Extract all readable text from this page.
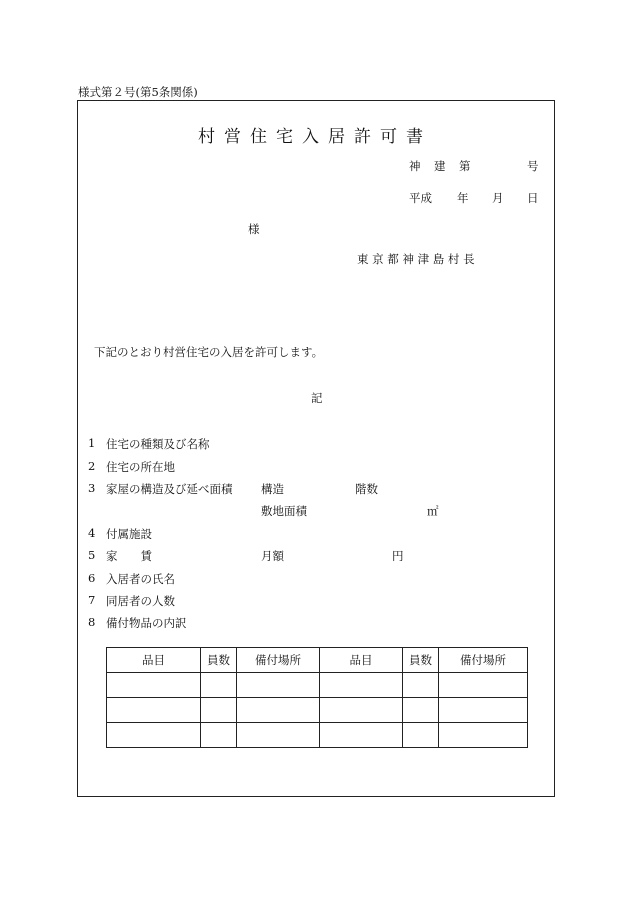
様式第２号(第5条関係)
村営住宅入居許可書
神　建　第	号
平成 年 月 日
様
東 京 都 神 津 島 村 長
下記のとおり村営住宅の入居を許可します。
記
1 住宅の種類及び名称
2 住宅の所在地
3 家屋の構造及び延べ面積 構造	階数
敷地面積	㎡
4 付属施設
5 家　　賃	月額	円
6 入居者の氏名
7 同居者の人数
8 備付物品の内訳
品目	員数	備付場所	品目	員数	備付場所
